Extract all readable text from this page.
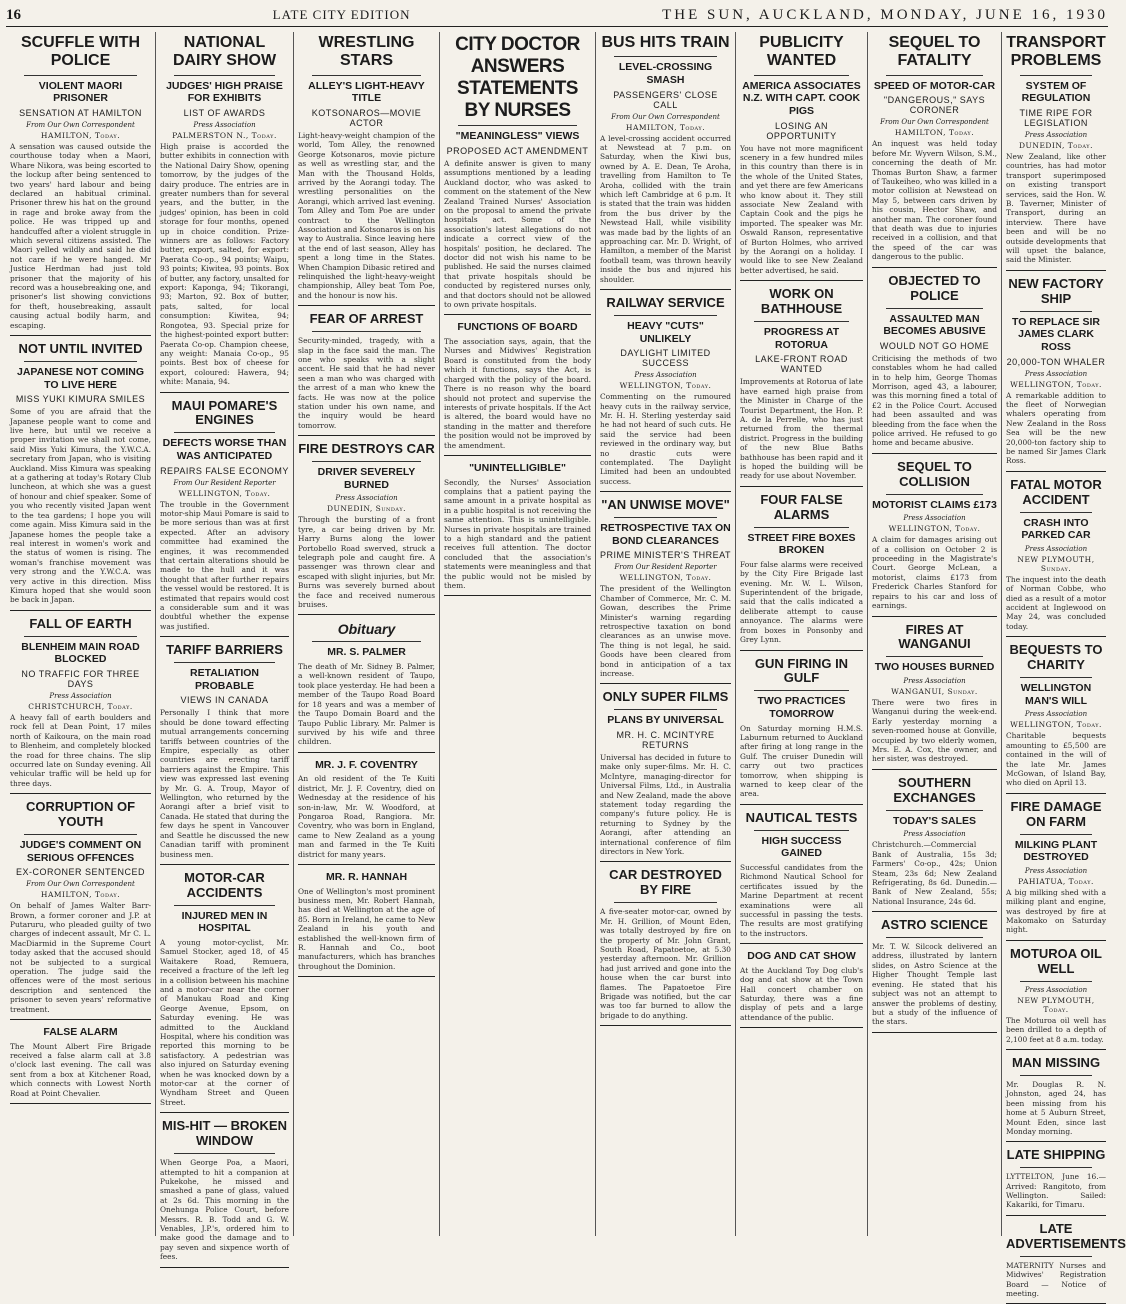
16	LATE CITY EDITION	THE SUN, AUCKLAND, MONDAY, JUNE 16, 1930
SCUFFLE WITH POLICE
VIOLENT MAORI PRISONER
SENSATION AT HAMILTON
From Our Own Correspondent
HAMILTON, Today.

A sensation was caused outside the courthouse today when a Maori, Whare Nikora, was being escorted to the lockup after being sentenced to two years' hard labour and being declared an habitual criminal. Prisoner threw his hat on the ground in rage and broke away from the police. He was tripped up and handcuffed after a violent struggle in which several citizens assisted. The Maori yelled wildly and said he did not care if he were hanged. Mr Justice Herdman had just told prisoner that the majority of his record was a housebreaking one, and prisoner's list showing convictions for theft, housebreaking, assault causing actual bodily harm, and escaping.

NOT UNTIL INVITED
JAPANESE NOT COMING TO LIVE HERE
MISS YUKI KIMURA SMILES

Some of you are afraid that the Japanese people want to come and live here, but until we receive a proper invitation we shall not come, said Miss Yuki Kimura, the Y.W.C.A. secretary from Japan, who is visiting Auckland. Miss Kimura was speaking at a gathering at today's Rotary Club luncheon, at which she was a guest of honour and chief speaker. Some of you who recently visited Japan went to the tea gardens; I hope you will come again. Miss Kimura said in the Japanese homes the people take a real interest in women's work and the status of women is rising. The woman's franchise movement was very strong and the Y.W.C.A. was very active in this direction. Miss Kimura hoped that she would soon be back in Japan.

FALL OF EARTH
BLENHEIM MAIN ROAD BLOCKED
NO TRAFFIC FOR THREE DAYS
Press Association
CHRISTCHURCH, Today.

A heavy fall of earth boulders and rock fell at Dean Point, 17 miles north of Kaikoura, on the main road to Blenheim, and completely blocked the road for three chains. The slip occurred late on Sunday evening. All vehicular traffic will be held up for three days.

CORRUPTION OF YOUTH
JUDGE'S COMMENT ON SERIOUS OFFENCES
EX-CORONER SENTENCED
From Our Own Correspondent
HAMILTON, Today.

On behalf of James Walter Barr-Brown, a former coroner and J.P. at Putaruru, who pleaded guilty of two charges of indecent assault, Mr C. L. MacDiarmid in the Supreme Court today asked that the accused should not be subjected to a surgical operation. The judge said the offences were of the most serious description and sentenced the prisoner to seven years' reformative treatment.

FALSE ALARM

The Mount Albert Fire Brigade received a false alarm call at 3.8 o'clock last evening. The call was sent from a box at Kitchener Road, which connects with Lowest North Road at Point Chevalier.

NATIONAL DAIRY SHOW
JUDGES' HIGH PRAISE FOR EXHIBITS
LIST OF AWARDS
Press Association
PALMERSTON N., Today.

High praise is accorded the butter exhibits in connection with the National Dairy Show, opening tomorrow, by the judges of the dairy produce. The entries are in greater numbers than for several years, and the butter, in the judges' opinion, has been in cold storage for four months, opened up in choice condition. Prize-winners are as follows: Factory butter, export, salted, for export: Paerata Co-op., 94 points; Waipu, 93 points; Kiwitea, 93 points. Box of butter, any factory, unsalted for export: Kaponga, 94; Tikorangi, 93; Marton, 92. Box of butter, pats, salted, for local consumption: Kiwitea, 94; Rongotea, 93. Special prize for the highest-pointed export butter: Paerata Co-op. Champion cheese, any weight: Manaia Co-op., 95 points. Best box of cheese for export, coloured: Hawera, 94; white: Manaia, 94.

MAUI POMARE'S ENGINES
DEFECTS WORSE THAN WAS ANTICIPATED
REPAIRS FALSE ECONOMY
From Our Resident Reporter
WELLINGTON, Today.

The trouble in the Government motor-ship Maui Pomare is said to be more serious than was at first expected. After an advisory committee had examined the engines, it was recommended that certain alterations should be made to the hull and it was thought that after further repairs the vessel would be restored. It is estimated that repairs would cost a considerable sum and it was doubtful whether the expense was justified.

TARIFF BARRIERS
RETALIATION PROBABLE
VIEWS IN CANADA

Personally I think that more should be done toward effecting mutual arrangements concerning tariffs between countries of the Empire, especially as other countries are erecting tariff barriers against the Empire. This view was expressed last evening by Mr. G. A. Troup, Mayor of Wellington, who returned by the Aorangi after a brief visit to Canada. He stated that during the few days he spent in Vancouver and Seattle he discussed the new Canadian tariff with prominent business men.

MOTOR-CAR ACCIDENTS
INJURED MEN IN HOSPITAL

A young motor-cyclist, Mr. Samuel Stocker, aged 18, of 45 Waitakere Road, Remuera, received a fracture of the left leg in a collision between his machine and a motor-car near the corner of Manukau Road and King George Avenue, Epsom, on Saturday evening. He was admitted to the Auckland Hospital, where his condition was reported this morning to be satisfactory. A pedestrian was also injured on Saturday evening when he was knocked down by a motor-car at the corner of Wyndham Street and Queen Street.

MIS-HIT — BROKEN WINDOW

When George Poa, a Maori, attempted to hit a companion at Pukekohe, he missed and smashed a pane of glass, valued at 2s 6d. This morning in the Onehunga Police Court, before Messrs. R. B. Todd and G. W. Venables, J.P.'s, ordered him to make good the damage and to pay seven and sixpence worth of fees.

WRESTLING STARS
ALLEY'S LIGHT-HEAVY TITLE
KOTSONAROS—MOVIE ACTOR

Light-heavy-weight champion of the world, Tom Alley, the renowned George Kotsonaros, movie picture as well as wrestling star, and the Man with the Thousand Holds, arrived by the Aorangi today. The wrestling personalities on the Aorangi, which arrived last evening. Tom Alley and Tom Poe are under contract to the Wellington Association and Kotsonaros is on his way to Australia. Since leaving here at the end of last season, Alley has spent a long time in the States. When Champion Dibasic retired and relinquished the light-heavy-weight championship, Alley beat Tom Poe, and the honour is now his.

FEAR OF ARREST

Security-minded, tragedy, with a slap in the face said the man. The one who speaks with a slight accent. He said that he had never seen a man who was charged with the arrest of a man who knew the facts. He was now at the police station under his own name, and the inquiry would be heard tomorrow.

FIRE DESTROYS CAR
DRIVER SEVERELY BURNED
Press Association
DUNEDIN, Sunday.

Through the bursting of a front tyre, a car being driven by Mr. Harry Burns along the lower Portobello Road swerved, struck a telegraph pole and caught fire. A passenger was thrown clear and escaped with slight injuries, but Mr. Burns was severely burned about the face and received numerous bruises.

Obituary
MR. S. PALMER

The death of Mr. Sidney B. Palmer, a well-known resident of Taupo, took place yesterday. He had been a member of the Taupo Road Board for 18 years and was a member of the Taupo Domain Board and the Taupo Public Library. Mr. Palmer is survived by his wife and three children.

MR. J. F. COVENTRY

An old resident of the Te Kuiti district, Mr. J. F. Coventry, died on Wednesday at the residence of his son-in-law, Mr. W. Woodford, at Pongaroa Road, Rangiora. Mr. Coventry, who was born in England, came to New Zealand as a young man and farmed in the Te Kuiti district for many years.

MR. R. HANNAH

One of Wellington's most prominent business men, Mr. Robert Hannah, has died at Wellington at the age of 85. Born in Ireland, he came to New Zealand in his youth and established the well-known firm of R. Hannah and Co., boot manufacturers, which has branches throughout the Dominion.

CITY DOCTOR ANSWERS STATEMENTS BY NURSES
"MEANINGLESS" VIEWS
PROPOSED ACT AMENDMENT

A definite answer is given to many assumptions mentioned by a leading Auckland doctor, who was asked to comment on the statement of the New Zealand Trained Nurses' Association on the proposal to amend the private hospitals act. Some of the association's latest allegations do not indicate a correct view of the hospitals' position, he declared. The doctor did not wish his name to be published. He said the nurses claimed that private hospitals should be conducted by registered nurses only, and that doctors should not be allowed to own private hospitals.

FUNCTIONS OF BOARD

The association says, again, that the Nurses and Midwives' Registration Board is constituted from the body which it functions, says the Act, is charged with the policy of the board. There is no reason why the board should not protect and supervise the interests of private hospitals. If the Act is altered, the board would have no standing in the matter and therefore the position would not be improved by the amendment.

"UNINTELLIGIBLE"

Secondly, the Nurses' Association complains that a patient paying the same amount in a private hospital as in a public hospital is not receiving the same attention. This is unintelligible. Nurses in private hospitals are trained to a high standard and the patient receives full attention. The doctor concluded that the association's statements were meaningless and that the public would not be misled by them.

BUS HITS TRAIN
LEVEL-CROSSING SMASH
PASSENGERS' CLOSE CALL
From Our Own Correspondent
HAMILTON, Today.

A level-crossing accident occurred at Newstead at 7 p.m. on Saturday, when the Kiwi bus, owned by A. E. Dean, Te Aroha, travelling from Hamilton to Te Aroha, collided with the train which left Cambridge at 6 p.m. It is stated that the train was hidden from the bus driver by the Newstead Hall, while visibility was made bad by the lights of an approaching car. Mr. D. Wright, of Hamilton, a member of the Marist football team, was thrown heavily inside the bus and injured his shoulder.

RAILWAY SERVICE
HEAVY "CUTS" UNLIKELY
DAYLIGHT LIMITED SUCCESS
Press Association
WELLINGTON, Today.

Commenting on the rumoured heavy cuts in the railway service, Mr. H. H. Sterling yesterday said he had not heard of such cuts. He said the service had been reviewed in the ordinary way, but no drastic cuts were contemplated. The Daylight Limited had been an undoubted success.

"AN UNWISE MOVE"
RETROSPECTIVE TAX ON BOND CLEARANCES
PRIME MINISTER'S THREAT
From Our Resident Reporter
WELLINGTON, Today.

The president of the Wellington Chamber of Commerce, Mr. C. M. Gowan, describes the Prime Minister's warning regarding retrospective taxation on bond clearances as an unwise move. The thing is not legal, he said. Goods have been cleared from bond in anticipation of a tax increase.

ONLY SUPER FILMS
PLANS BY UNIVERSAL
MR. H. C. MCINTYRE RETURNS

Universal has decided in future to make only super-films. Mr. H. C. McIntyre, managing-director for Universal Films, Ltd., in Australia and New Zealand, made the above statement today regarding the company's future policy. He is returning to Sydney by the Aorangi, after attending an international conference of film directors in New York.

CAR DESTROYED BY FIRE

A five-seater motor-car, owned by Mr. H. Grillion, of Mount Eden, was totally destroyed by fire on the property of Mr. John Grant, South Road, Papatoetoe, at 5.30 yesterday afternoon. Mr. Grillion had just arrived and gone into the house when the car burst into flames. The Papatoetoe Fire Brigade was notified, but the car was too far burned to allow the brigade to do anything.

PUBLICITY WANTED
AMERICA ASSOCIATES N.Z. WITH CAPT. COOK PIGS
LOSING AN OPPORTUNITY

You have not more magnificent scenery in a few hundred miles in this country than there is in the whole of the United States, and yet there are few Americans who know about it. They still associate New Zealand with Captain Cook and the pigs he imported. The speaker was Mr. Oswald Ranson, representative of Burton Holmes, who arrived by the Aorangi on a holiday. I would like to see New Zealand better advertised, he said.

WORK ON BATHHOUSE
PROGRESS AT ROTORUA
LAKE-FRONT ROAD WANTED

Improvements at Rotorua of late have earned high praise from the Minister in Charge of the Tourist Department, the Hon. P. A. de la Perrelle, who has just returned from the thermal district. Progress in the building of the new Blue Baths bathhouse has been rapid and it is hoped the building will be ready for use about November.

FOUR FALSE ALARMS
STREET FIRE BOXES BROKEN

Four false alarms were received by the City Fire Brigade last evening. Mr. W. L. Wilson, Superintendent of the brigade, said that the calls indicated a deliberate attempt to cause annoyance. The alarms were from boxes in Ponsonby and Grey Lynn.

GUN FIRING IN GULF
TWO PRACTICES TOMORROW

On Saturday morning H.M.S. Laburnum returned to Auckland after firing at long range in the Gulf. The cruiser Dunedin will carry out two practices tomorrow, when shipping is warned to keep clear of the area.

NAUTICAL TESTS
HIGH SUCCESS GAINED

Successful candidates from the Richmond Nautical School for certificates issued by the Marine Department at recent examinations were all successful in passing the tests. The results are most gratifying to the instructors.

DOG AND CAT SHOW

At the Auckland Toy Dog club's dog and cat show at the Town Hall concert chamber on Saturday, there was a fine display of pets and a large attendance of the public.

SEQUEL TO FATALITY
SPEED OF MOTOR-CAR
"DANGEROUS," SAYS CORONER
From Our Own Correspondent
HAMILTON, Today.

An inquest was held today before Mr. Wyvern Wilson, S.M., concerning the death of Mr. Thomas Burton Shaw, a farmer of Taukeiheo, who was killed in a motor collision at Newstead on May 5, between cars driven by his cousin, Hector Shaw, and another man. The coroner found that death was due to injuries received in a collision, and that the speed of the car was dangerous to the public.

OBJECTED TO POLICE
ASSAULTED MAN BECOMES ABUSIVE
WOULD NOT GO HOME

Criticising the methods of two constables whom he had called in to help him, George Thomas Morrison, aged 43, a labourer, was this morning fined a total of £2 in the Police Court. Accused had been assaulted and was bleeding from the face when the police arrived. He refused to go home and became abusive.

SEQUEL TO COLLISION
MOTORIST CLAIMS £173
Press Association
WELLINGTON, Today.

A claim for damages arising out of a collision on October 2 is proceeding in the Magistrate's Court. George McLean, a motorist, claims £173 from Frederick Charles Stanford for repairs to his car and loss of earnings.

FIRES AT WANGANUI
TWO HOUSES BURNED
Press Association
WANGANUI, Sunday.

There were two fires in Wanganui during the week-end. Early yesterday morning a seven-roomed house at Gonville, occupied by two elderly women, Mrs. E. A. Cox, the owner, and her sister, was destroyed.

SOUTHERN EXCHANGES
TODAY'S SALES
Press Association

Christchurch.—Commercial Bank of Australia, 15s 3d; Farmers' Co-op., 42s; Union Steam, 23s 6d; New Zealand Refrigerating, 8s 6d. Dunedin.—Bank of New Zealand, 55s; National Insurance, 24s 6d.

ASTRO SCIENCE

Mr. T. W. Silcock delivered an address, illustrated by lantern slides, on Astro Science at the Higher Thought Temple last evening. He stated that his subject was not an attempt to answer the problems of destiny, but a study of the influence of the stars.

TRANSPORT PROBLEMS
SYSTEM OF REGULATION
TIME RIPE FOR LEGISLATION
Press Association
DUNEDIN, Today.

New Zealand, like other countries, has had motor transport superimposed on existing transport services, said the Hon. W. B. Taverner, Minister of Transport, during an interview. There have been and will be no outside developments that will upset the balance, said the Minister.

NEW FACTORY SHIP
TO REPLACE SIR JAMES CLARK ROSS
20,000-TON WHALER
Press Association
WELLINGTON, Today.

A remarkable addition to the fleet of Norwegian whalers operating from New Zealand in the Ross Sea will be the new 20,000-ton factory ship to be named Sir James Clark Ross.

FATAL MOTOR ACCIDENT
CRASH INTO PARKED CAR
Press Association
NEW PLYMOUTH, Sunday.

The inquest into the death of Norman Cobbe, who died as a result of a motor accident at Inglewood on May 24, was concluded today.

BEQUESTS TO CHARITY
WELLINGTON MAN'S WILL
Press Association
WELLINGTON, Today.

Charitable bequests amounting to £5,500 are contained in the will of the late Mr. James McGowan, of Island Bay, who died on April 13.

FIRE DAMAGE ON FARM
MILKING PLANT DESTROYED
Press Association
PAHIATUA, Today.

A big milking shed with a milking plant and engine, was destroyed by fire at Makomako on Saturday night.

MOTUROA OIL WELL
Press Association
NEW PLYMOUTH, Today.

The Moturoa oil well has been drilled to a depth of 2,100 feet at 8 a.m. today.

MAN MISSING

Mr. Douglas R. N. Johnston, aged 24, has been missing from his home at 5 Auburn Street, Mount Eden, since last Monday morning.

LATE SHIPPING

LYTTELTON, June 16.—Arrived: Rangitoto, from Wellington. Sailed: Kakariki, for Timaru.

LATE ADVERTISEMENTS

MATERNITY Nurses and Midwives' Registration Board — Notice of meeting.
